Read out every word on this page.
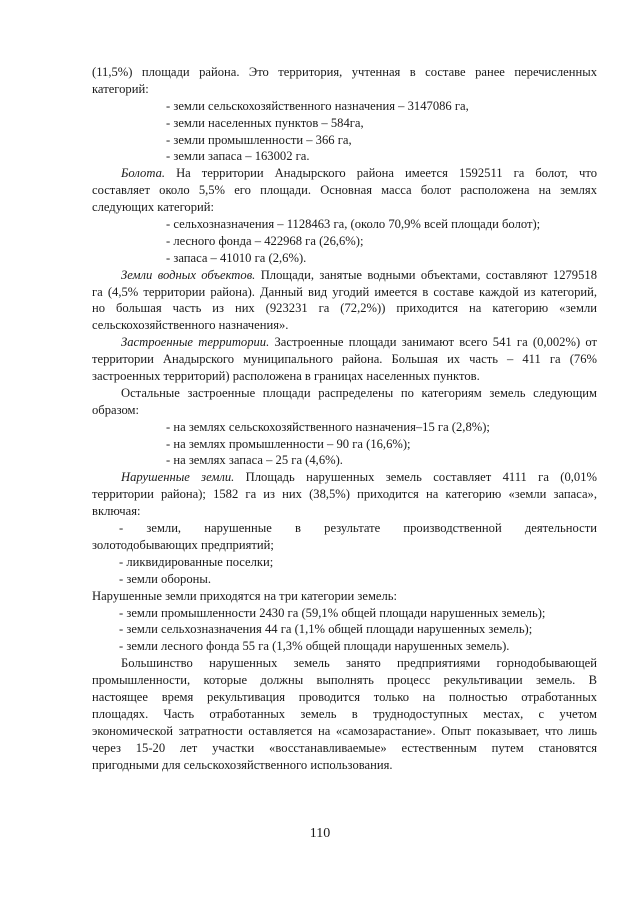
(11,5%) площади района. Это территория, учтенная в составе ранее перечисленных
категорий:
- земли сельскохозяйственного назначения – 3147086 га,
- земли населенных пунктов – 584га,
- земли промышленности – 366 га,
- земли запаса – 163002 га.
Болота. На территории Анадырского района имеется 1592511 га болот, что
составляет около 5,5% его площади. Основная масса болот расположена на землях
следующих категорий:
- сельхозназначения – 1128463 га, (около 70,9% всей площади болот);
- лесного фонда – 422968 га (26,6%);
- запаса – 41010 га (2,6%).
Земли водных объектов. Площади, занятые водными объектами, составляют 1279518
га (4,5% территории района). Данный вид угодий имеется в составе каждой из категорий,
но большая часть из них (923231 га (72,2%)) приходится на категорию «земли
сельскохозяйственного назначения».
Застроенные территории. Застроенные площади занимают всего 541 га (0,002%) от
территории Анадырского муниципального района. Большая их часть – 411 га (76%
застроенных территорий) расположена в границах населенных пунктов.
Остальные застроенные площади распределены по категориям земель следующим
образом:
- на землях сельскохозяйственного назначения–15 га (2,8%);
- на землях промышленности – 90 га (16,6%);
- на землях запаса – 25 га (4,6%).
Нарушенные земли. Площадь нарушенных земель составляет 4111 га (0,01%
территории района); 1582 га из них (38,5%) приходится на категорию «земли запаса»,
включая:
- земли, нарушенные в результате производственной деятельности
золотодобывающих предприятий;
- ликвидированные поселки;
- земли обороны.
Нарушенные земли приходятся на три категории земель:
- земли промышленности 2430 га (59,1% общей площади нарушенных земель);
- земли сельхозназначения 44 га (1,1% общей площади нарушенных земель);
- земли лесного фонда 55 га (1,3% общей площади нарушенных земель).
Большинство нарушенных земель занято предприятиями горнодобывающей
промышленности, которые должны выполнять процесс рекультивации земель. В
настоящее время рекультивация проводится только на полностью отработанных
площадях. Часть отработанных земель в труднодоступных местах, с учетом
экономической затратности оставляется на «самозарастание». Опыт показывает, что лишь
через 15-20 лет участки «восстанавливаемые» естественным путем становятся
пригодными для сельскохозяйственного использования.
110
